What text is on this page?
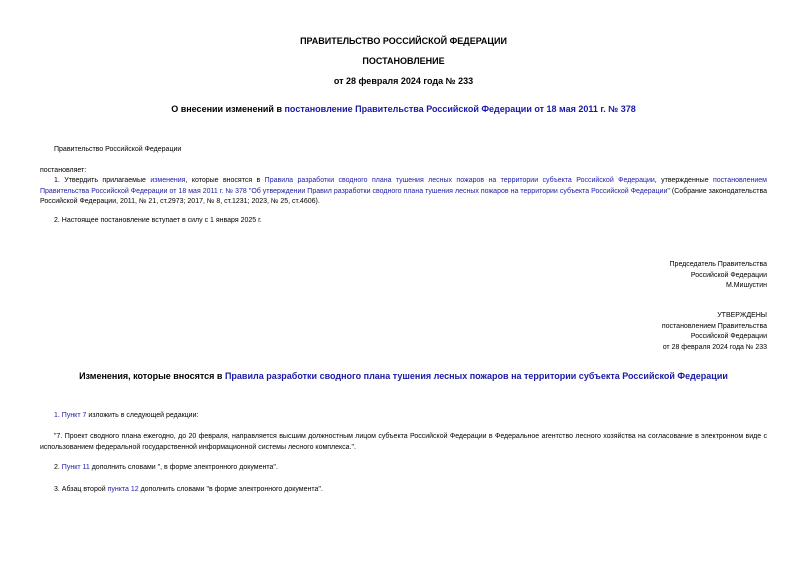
ПРАВИТЕЛЬСТВО РОССИЙСКОЙ ФЕДЕРАЦИИ
ПОСТАНОВЛЕНИЕ
от 28 февраля 2024 года № 233
О внесении изменений в постановление Правительства Российской Федерации от 18 мая 2011 г. № 378
Правительство Российской Федерации
постановляет:
1. Утвердить прилагаемые изменения, которые вносятся в Правила разработки сводного плана тушения лесных пожаров на территории субъекта Российской Федерации, утвержденные постановлением Правительства Российской Федерации от 18 мая 2011 г. № 378 "Об утверждении Правил разработки сводного плана тушения лесных пожаров на территории субъекта Российской Федерации" (Собрание законодательства Российской Федерации, 2011, № 21, ст.2973; 2017, № 8, ст.1231; 2023, № 25, ст.4606).
2. Настоящее постановление вступает в силу с 1 января 2025 г.
Председатель Правительства
Российской Федерации
М.Мишустин
УТВЕРЖДЕНЫ
постановлением Правительства
Российской Федерации
от 28 февраля 2024 года № 233
Изменения, которые вносятся в Правила разработки сводного плана тушения лесных пожаров на территории субъекта Российской Федерации
1. Пункт 7 изложить в следующей редакции:
"7. Проект сводного плана ежегодно, до 20 февраля, направляется высшим должностным лицом субъекта Российской Федерации в Федеральное агентство лесного хозяйства на согласование в электронном виде с использованием федеральной государственной информационной системы лесного комплекса.".
2. Пункт 11 дополнить словами ", в форме электронного документа".
3. Абзац второй пункта 12 дополнить словами "в форме электронного документа".
